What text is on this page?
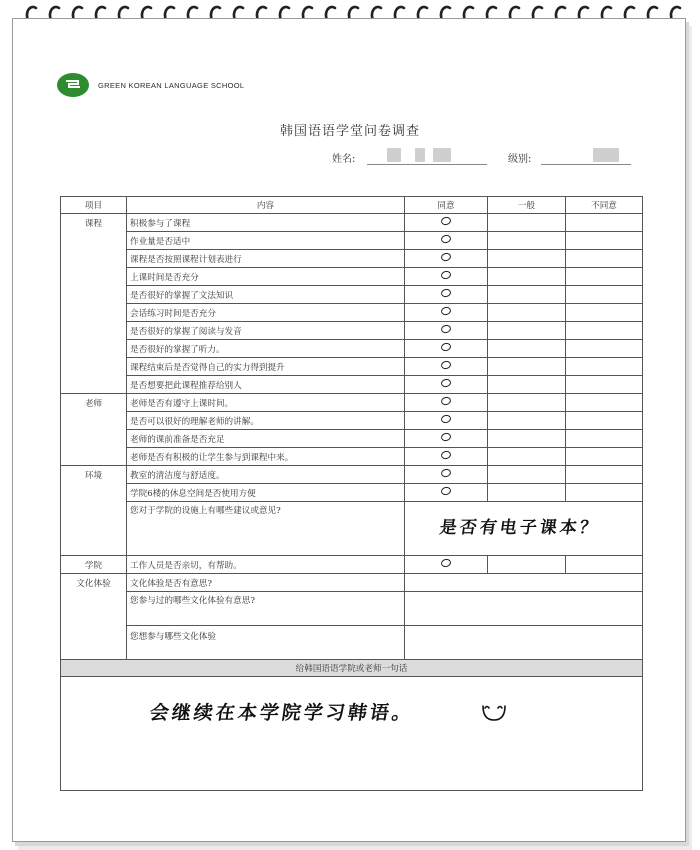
GREEN KOREAN LANGUAGE SCHOOL
韩国语语学堂问卷调查
姓名:	级别:
项目	内容	同意	一般	不同意
课程	积极参与了课程			
	作业量是否适中			
	课程是否按照课程计划表进行			
	上课时间是否充分			
	是否很好的掌握了文法知识			
	会话练习时间是否充分			
	是否很好的掌握了阅读与发音			
	是否很好的掌握了听力。			
	课程结束后是否觉得自己的实力得到提升			
	是否想要把此课程推荐给别人			
老师	老师是否有遵守上课时间。			
	是否可以很好的理解老师的讲解。			
	老师的课前准备是否充足			
	老师是否有积极的让学生参与到课程中来。			
环境	教室的清洁度与舒适度。			
	学院6楼的休息空间是否使用方便			
	您对于学院的设施上有哪些建议或意见?			
学院	工作人员是否亲切，有帮助。			
文化体验	文化体验是否有意思?			
	您参与过的哪些文化体验有意思?			
	您想参与哪些文化体验			
给韩国语语学院或老师一句话				

是否有电子课本？
会继续在本学院学习韩语。
